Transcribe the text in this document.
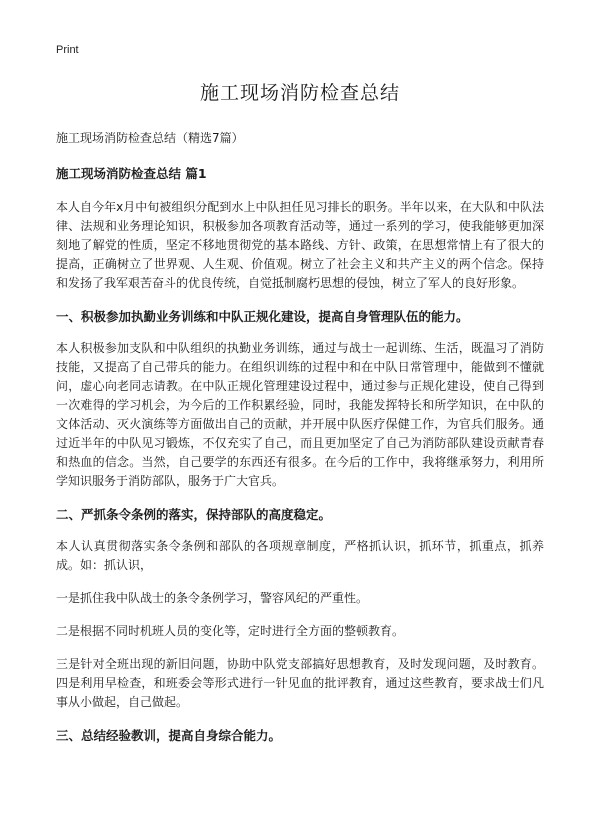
Print
施工现场消防检查总结
施工现场消防检查总结（精选7篇）
施工现场消防检查总结 篇1

本人自今年x月中旬被组织分配到水上中队担任见习排长的职务。半年以来，在大队和中队法律、法规和业务理论知识，积极参加各项教育活动等，通过一系列的学习，使我能够更加深刻地了解党的性质，坚定不移地贯彻党的基本路线、方针、政策，在思想常情上有了很大的提高，正确树立了世界观、人生观、价值观。树立了社会主义和共产主义的两个信念。保持和发扬了我军艰苦奋斗的优良传统，自觉抵制腐朽思想的侵蚀，树立了军人的良好形象。

一、积极参加执勤业务训练和中队正规化建设，提高自身管理队伍的能力。

本人积极参加支队和中队组织的执勤业务训练，通过与战士一起训练、生活，既温习了消防技能，又提高了自己带兵的能力。在组织训练的过程中和在中队日常管理中，能做到不懂就问，虚心向老同志请教。在中队正规化管理建设过程中，通过参与正规化建设，使自己得到一次难得的学习机会，为今后的工作积累经验，同时，我能发挥特长和所学知识，在中队的文体活动、灭火演练等方面做出自己的贡献，并开展中队医疗保健工作，为官兵们服务。通过近半年的中队见习锻炼，不仅充实了自己，而且更加坚定了自己为消防部队建设贡献青春和热血的信念。当然，自己要学的东西还有很多。在今后的工作中，我将继承努力，利用所学知识服务于消防部队，服务于广大官兵。

二、严抓条令条例的落实，保持部队的高度稳定。

本人认真贯彻落实条令条例和部队的各项规章制度，严格抓认识，抓环节，抓重点，抓养成。如：抓认识，

一是抓住我中队战士的条令条例学习，警容风纪的严重性。

二是根据不同时机班人员的变化等，定时进行全方面的整顿教育。

三是针对全班出现的新旧问题，协助中队党支部搞好思想教育，及时发现问题，及时教育。四是利用早检查，和班委会等形式进行一针见血的批评教育，通过这些教育，要求战士们凡事从小做起，自己做起。

三、总结经验教训，提高自身综合能力。
